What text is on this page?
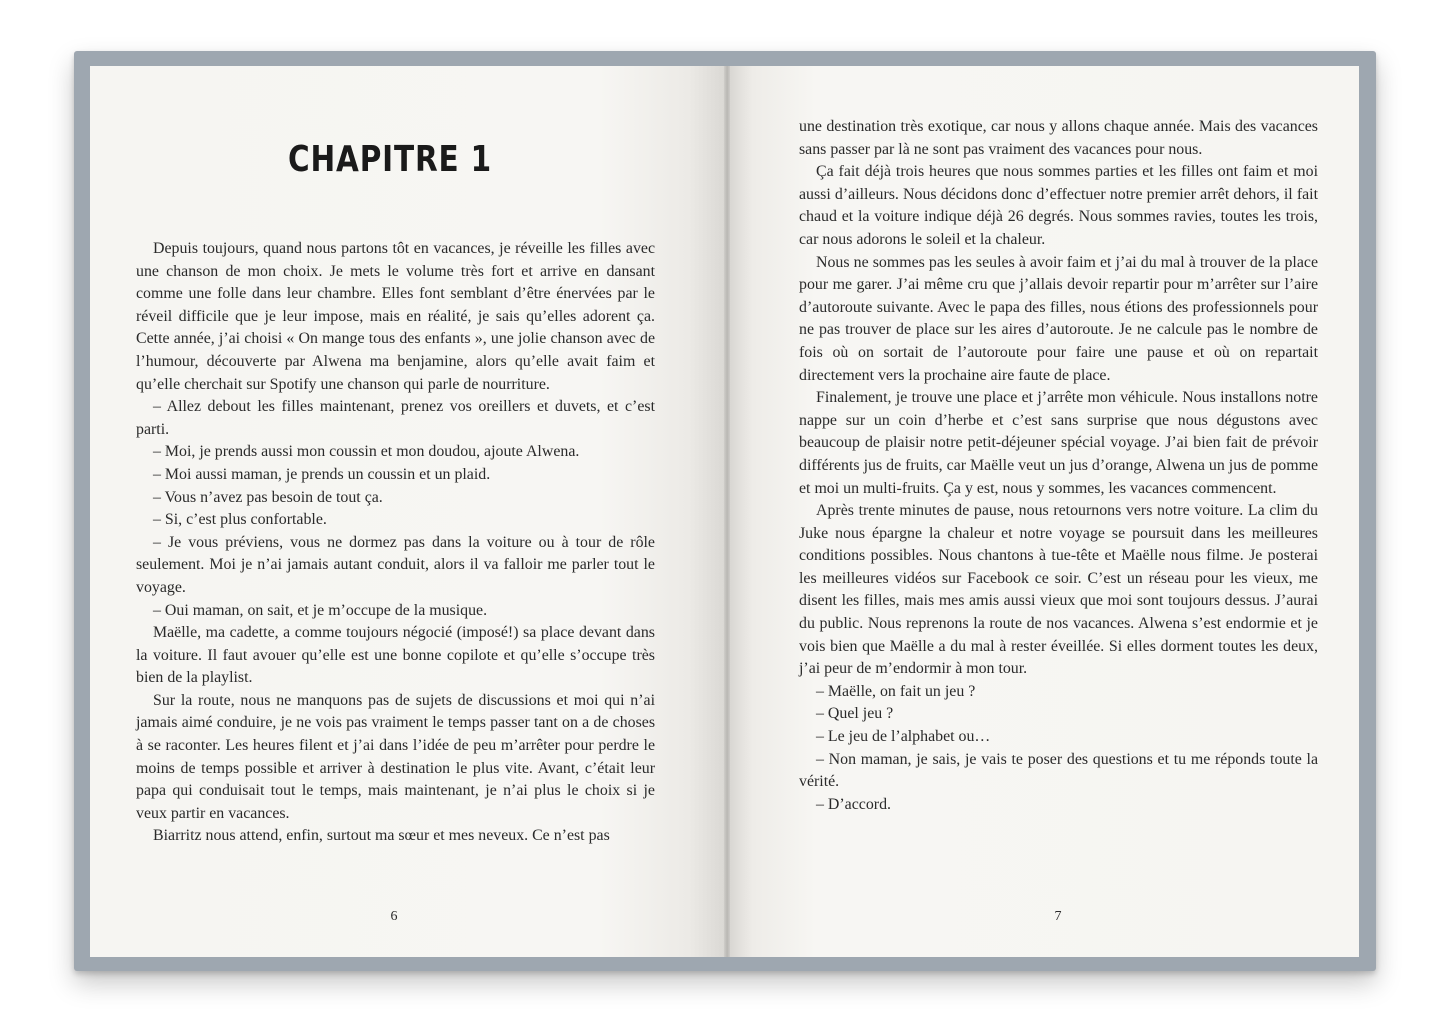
CHAPITRE 1

Depuis toujours, quand nous partons tôt en vacances, je réveille les filles avec une chanson de mon choix. Je mets le volume très fort et arrive en dansant comme une folle dans leur chambre. Elles font semblant d’être énervées par le réveil difficile que je leur impose, mais en réalité, je sais qu’elles adorent ça. Cette année, j’ai choisi « On mange tous des enfants », une jolie chanson avec de l’humour, découverte par Alwena ma benjamine, alors qu’elle avait faim et qu’elle cherchait sur Spotify une chanson qui parle de nourriture.

– Allez debout les filles maintenant, prenez vos oreillers et duvets, et c’est parti.

– Moi, je prends aussi mon coussin et mon doudou, ajoute Alwena.

– Moi aussi maman, je prends un coussin et un plaid.

– Vous n’avez pas besoin de tout ça.

– Si, c’est plus confortable.

– Je vous préviens, vous ne dormez pas dans la voiture ou à tour de rôle seulement. Moi je n’ai jamais autant conduit, alors il va falloir me parler tout le voyage.

– Oui maman, on sait, et je m’occupe de la musique.

Maëlle, ma cadette, a comme toujours négocié (imposé!) sa place devant dans la voiture. Il faut avouer qu’elle est une bonne copilote et qu’elle s’occupe très bien de la playlist.

Sur la route, nous ne manquons pas de sujets de discussions et moi qui n’ai jamais aimé conduire, je ne vois pas vraiment le temps passer tant on a de choses à se raconter. Les heures filent et j’ai dans l’idée de peu m’arrêter pour perdre le moins de temps possible et arriver à destination le plus vite. Avant, c’était leur papa qui conduisait tout le temps, mais maintenant, je n’ai plus le choix si je veux partir en vacances.

Biarritz nous attend, enfin, surtout ma sœur et mes neveux. Ce n’est pas

une destination très exotique, car nous y allons chaque année. Mais des vacances sans passer par là ne sont pas vraiment des vacances pour nous.

Ça fait déjà trois heures que nous sommes parties et les filles ont faim et moi aussi d’ailleurs. Nous décidons donc d’effectuer notre premier arrêt dehors, il fait chaud et la voiture indique déjà 26 degrés. Nous sommes ravies, toutes les trois, car nous adorons le soleil et la chaleur.

Nous ne sommes pas les seules à avoir faim et j’ai du mal à trouver de la place pour me garer. J’ai même cru que j’allais devoir repartir pour m’arrêter sur l’aire d’autoroute suivante. Avec le papa des filles, nous étions des professionnels pour ne pas trouver de place sur les aires d’autoroute. Je ne calcule pas le nombre de fois où on sortait de l’autoroute pour faire une pause et où on repartait directement vers la prochaine aire faute de place.

Finalement, je trouve une place et j’arrête mon véhicule. Nous installons notre nappe sur un coin d’herbe et c’est sans surprise que nous dégustons avec beaucoup de plaisir notre petit-déjeuner spécial voyage. J’ai bien fait de prévoir différents jus de fruits, car Maëlle veut un jus d’orange, Alwena un jus de pomme et moi un multi-fruits. Ça y est, nous y sommes, les vacances commencent.

Après trente minutes de pause, nous retournons vers notre voiture. La clim du Juke nous épargne la chaleur et notre voyage se poursuit dans les meilleures conditions possibles. Nous chantons à tue-tête et Maëlle nous filme. Je posterai les meilleures vidéos sur Facebook ce soir. C’est un réseau pour les vieux, me disent les filles, mais mes amis aussi vieux que moi sont toujours dessus. J’aurai du public. Nous reprenons la route de nos vacances. Alwena s’est endormie et je vois bien que Maëlle a du mal à rester éveillée. Si elles dorment toutes les deux, j’ai peur de m’endormir à mon tour.

– Maëlle, on fait un jeu ?

– Quel jeu ?

– Le jeu de l’alphabet ou…

– Non maman, je sais, je vais te poser des questions et tu me réponds toute la vérité.

– D’accord.

6	7
